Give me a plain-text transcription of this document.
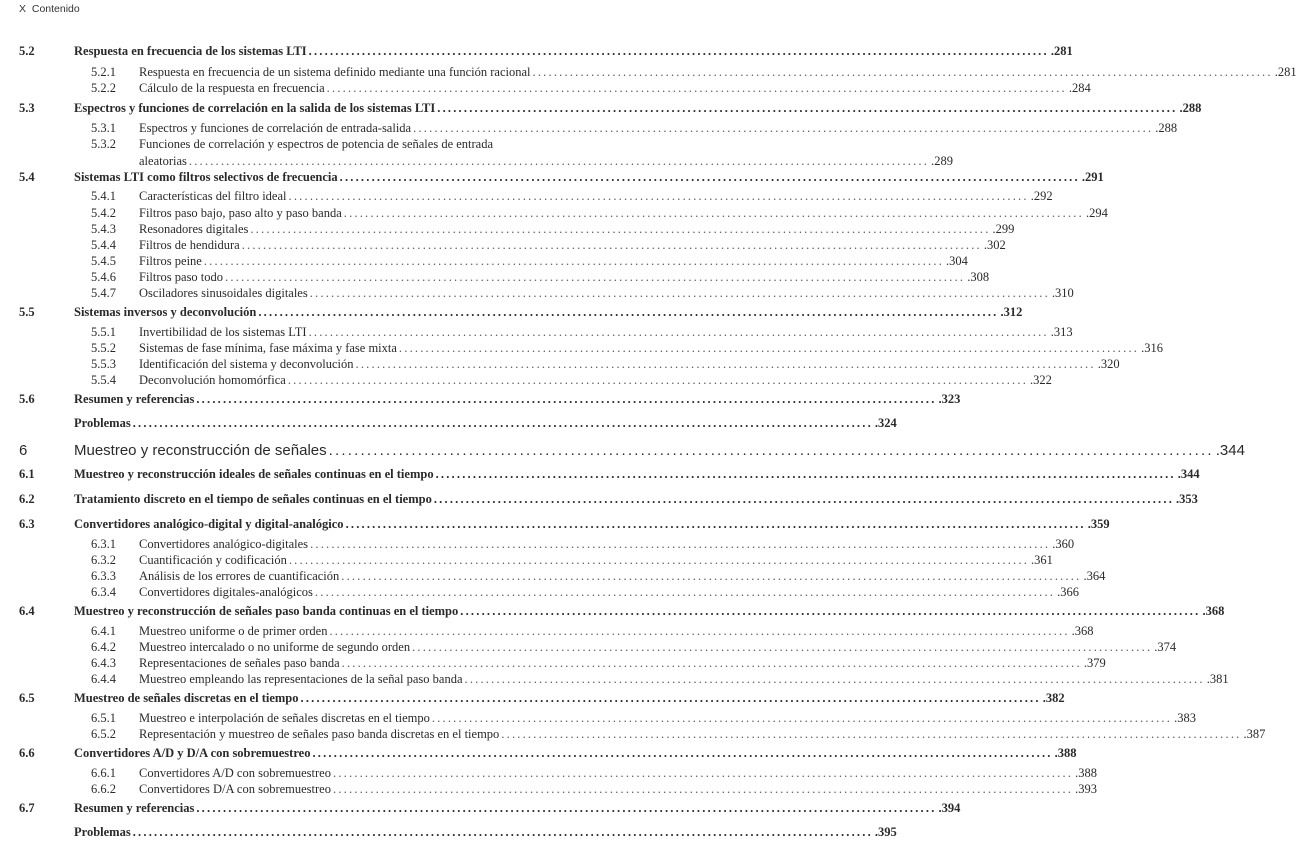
X Contenido
5.2	Respuesta en frecuencia de los sistemas LTI ........................................................................................................................................... .281
5.2.1 Respuesta en frecuencia de un sistema definido mediante una función racional ........................................................................................................................................... .281
5.2.2 Cálculo de la respuesta en frecuencia ........................................................................................................................................... .284
5.3	Espectros y funciones de correlación en la salida de los sistemas LTI ........................................................................................................................................... .288
5.3.1 Espectros y funciones de correlación de entrada-salida ........................................................................................................................................... .288
5.3.2 Funciones de correlación y espectros de potencia de señales de entrada
aleatorias ........................................................................................................................................... .289
5.4	Sistemas LTI como filtros selectivos de frecuencia ........................................................................................................................................... .291
5.4.1 Características del filtro ideal ........................................................................................................................................... .292
5.4.2 Filtros paso bajo, paso alto y paso banda ........................................................................................................................................... .294
5.4.3 Resonadores digitales ........................................................................................................................................... .299
5.4.4 Filtros de hendidura ........................................................................................................................................... .302
5.4.5 Filtros peine ........................................................................................................................................... .304
5.4.6 Filtros paso todo ........................................................................................................................................... .308
5.4.7 Osciladores sinusoidales digitales ........................................................................................................................................... .310
5.5	Sistemas inversos y deconvolución ........................................................................................................................................... .312
5.5.1 Invertibilidad de los sistemas LTI ........................................................................................................................................... .313
5.5.2 Sistemas de fase mínima, fase máxima y fase mixta ........................................................................................................................................... .316
5.5.3 Identificación del sistema y deconvolución ........................................................................................................................................... .320
5.5.4 Deconvolución homomórfica ........................................................................................................................................... .322
5.6	Resumen y referencias ........................................................................................................................................... .323
Problemas ........................................................................................................................................... .324
6	Muestreo y reconstrucción de señales ........................................................................................................................................... .344
6.1	Muestreo y reconstrucción ideales de señales continuas en el tiempo ........................................................................................................................................... .344
6.2	Tratamiento discreto en el tiempo de señales continuas en el tiempo ........................................................................................................................................... .353
6.3	Convertidores analógico-digital y digital-analógico ........................................................................................................................................... .359
6.3.1 Convertidores analógico-digitales ........................................................................................................................................... .360
6.3.2 Cuantificación y codificación ........................................................................................................................................... .361
6.3.3 Análisis de los errores de cuantificación ........................................................................................................................................... .364
6.3.4 Convertidores digitales-analógicos ........................................................................................................................................... .366
6.4	Muestreo y reconstrucción de señales paso banda continuas en el tiempo ........................................................................................................................................... .368
6.4.1 Muestreo uniforme o de primer orden ........................................................................................................................................... .368
6.4.2 Muestreo intercalado o no uniforme de segundo orden ........................................................................................................................................... .374
6.4.3 Representaciones de señales paso banda ........................................................................................................................................... .379
6.4.4 Muestreo empleando las representaciones de la señal paso banda ........................................................................................................................................... .381
6.5	Muestreo de señales discretas en el tiempo ........................................................................................................................................... .382
6.5.1 Muestreo e interpolación de señales discretas en el tiempo ........................................................................................................................................... .383
6.5.2 Representación y muestreo de señales paso banda discretas en el tiempo ........................................................................................................................................... .387
6.6	Convertidores A/D y D/A con sobremuestreo ........................................................................................................................................... .388
6.6.1 Convertidores A/D con sobremuestreo ........................................................................................................................................... .388
6.6.2 Convertidores D/A con sobremuestreo ........................................................................................................................................... .393
6.7	Resumen y referencias ........................................................................................................................................... .394
Problemas ........................................................................................................................................... .395
